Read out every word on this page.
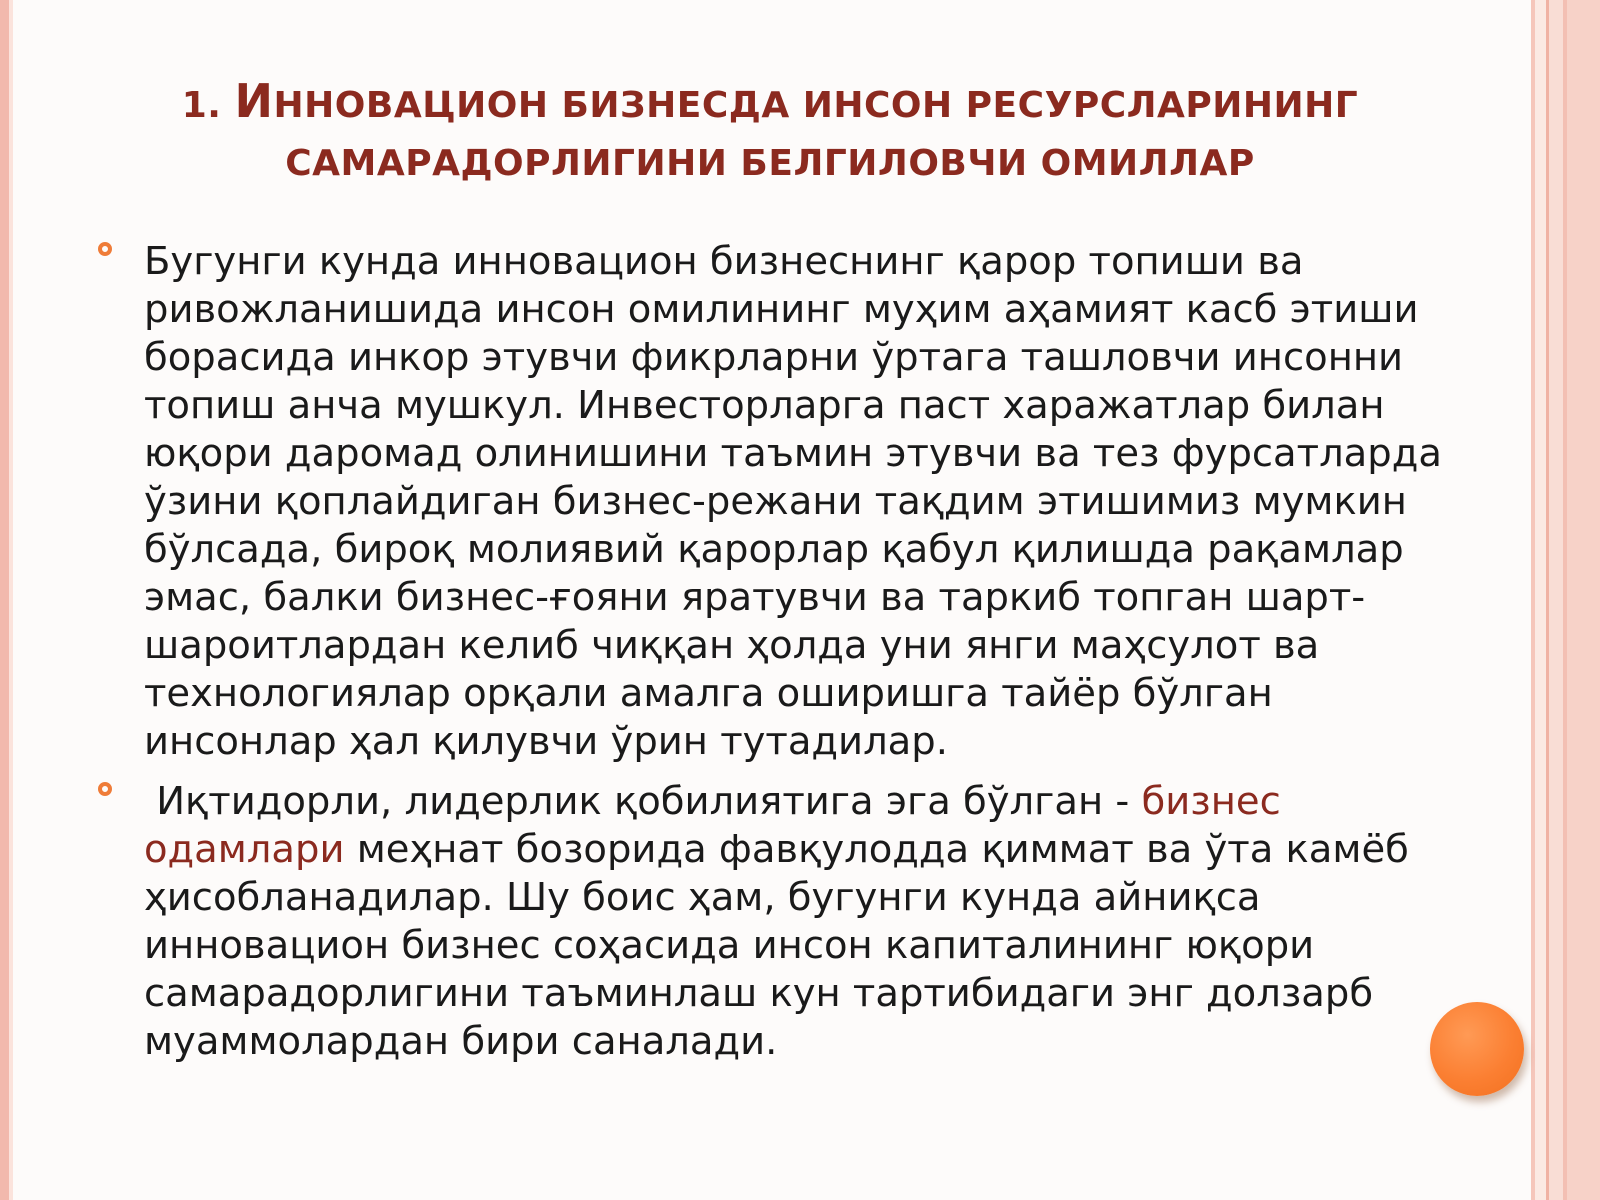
1. ИННОВАЦИОН БИЗНЕСДА ИНСОН РЕСУРСЛАРИНИНГ
САМАРАДОРЛИГИНИ БЕЛГИЛОВЧИ ОМИЛЛАР

Бугунги кунда инновацион бизнеснинг қарор топиши ва ривожланишида инсон омилининг муҳим аҳамият касб этиши борасида инкор этувчи фикрларни ўртага ташловчи инсонни топиш анча мушкул. Инвесторларга паст харажатлар билан юқори даромад олинишини таъмин этувчи ва тез фурсатларда ўзини қоплайдиган бизнес-режани тақдим этишимиз мумкин бўлсада, бироқ молиявий қарорлар қабул қилишда рақамлар эмас, балки бизнес-ғояни яратувчи ва таркиб топган шарт-шароитлардан келиб чиққан ҳолда уни янги маҳсулот ва технологиялар орқали амалга оширишга тайёр бўлган инсонлар ҳал қилувчи ўрин тутадилар.

Иқтидорли, лидерлик қобилиятига эга бўлган - бизнес одамлари меҳнат бозорида фавқулодда қиммат ва ўта камёб ҳисобланадилар. Шу боис ҳам, бугунги кунда айниқса инновацион бизнес соҳасида инсон капиталининг юқори самарадорлигини таъминлаш кун тартибидаги энг долзарб муаммолардан бири саналади.
